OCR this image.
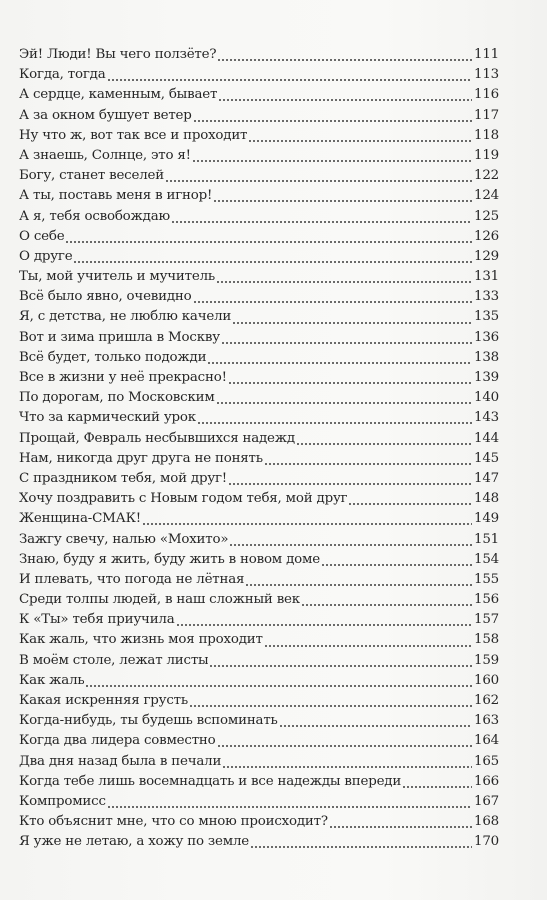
Эй! Люди! Вы чего ползёте?	111
Когда, тогда	113
А сердце, каменным, бывает	116
А за окном бушует ветер	117
Ну что ж, вот так все и проходит	118
А знаешь, Солнце, это я!	119
Богу, станет веселей	122
А ты, поставь меня в игнор!	124
А я, тебя освобождаю	125
О себе	126
О друге	129
Ты, мой учитель и мучитель	131
Всё было явно, очевидно	133
Я, с детства, не люблю качели	135
Вот и зима пришла в Москву	136
Всё будет, только подожди	138
Все в жизни у неё прекрасно!	139
По дорогам, по Московским	140
Что за кармический урок	143
Прощай, Февраль несбывшихся надежд	144
Нам, никогда друг друга не понять	145
С праздником тебя, мой друг!	147
Хочу поздравить с Новым годом тебя, мой друг	148
Женщина-СМАК!	149
Зажгу свечу, налью «Мохито»	151
Знаю, буду я жить, буду жить в новом доме	154
И плевать, что погода не лётная	155
Среди толпы людей, в наш сложный век	156
К «Ты» тебя приучила	157
Как жаль, что жизнь моя проходит	158
В моём столе, лежат листы	159
Как жаль	160
Какая искренняя грусть	162
Когда-нибудь, ты будешь вспоминать	163
Когда два лидера совместно	164
Два дня назад была в печали	165
Когда тебе лишь восемнадцать и все надежды впереди	166
Компромисс	167
Кто объяснит мне, что со мною происходит?	168
Я уже не летаю, а хожу по земле	170
